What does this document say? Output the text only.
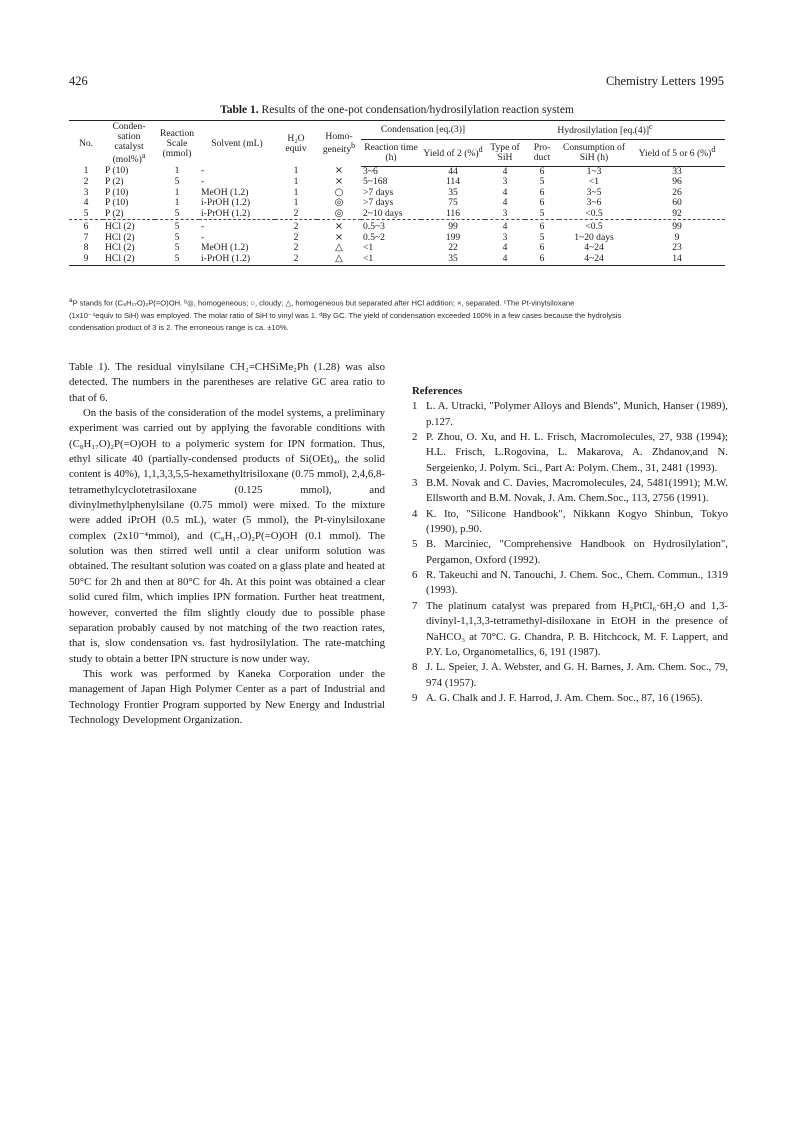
426	Chemistry Letters 1995
Table 1. Results of the one-pot condensation/hydrosilylation reaction system
No.	Conden-sation catalyst $(mol\%)^a$	Reaction Scale (mmol)	Solvent (mL)	H₂O equiv	Homo-geneity$^b$	Condensation [eq.(3)]		Hydrosilylation $[eq.(4)]^c$
						Reaction time (h)	Yield of 2 (%)$^d$	Type of SiH	Pro-duct	Consumption of SiH (h)	Yield of 5 or 6 (%)$^d$
1	P (10)	1	-	1	×	3~6	44	4	6	1~3	33
2	P (2)	5	-	1	×	5~168	114	3	5	<1	96
3	P (10)	1	MeOH (1.2)	1	○	>7 days	35	4	6	3~5	26
4	P (10)	1	i-PrOH (1.2)	1	◎	>7 days	75	4	6	3~6	60
5	P (2)	5	i-PrOH (1.2)	2	◎	2~10 days	116	3	5	<0.5	92

6	HCl (2)	5	-	2	×	0.5~3	99	4	6	<0.5	99
7	HCl (2)	5	-	2	×	0.5~2	199	3	5	1~20 days	9
8	HCl (2)	5	MeOH (1.2)	2	△	<1	22	4	6	4~24	23
9	HCl (2)	5	i-PrOH (1.2)	2	△	<1	35	4	6	4~24	14

$^a$P stands for (C₈H₁₇O)₂P(=O)OH. ᵇ◎, homogeneous; ○, cloudy; △, homogeneous but separated after HCl addition; ×, separated. ᶜThe Pt-vinylsiloxane
(1x10⁻⁴equiv to SiH) was employed. The molar ratio of SiH to vinyl was 1. ᵈBy GC. The yield of condensation exceeded 100% in a few cases because the hydrolysis
condensation product of 3 is 2. The erroneous range is ca. ±10%.

Table 1). The residual vinylsilane CH₂=CHSiMe₂Ph (1.28) was also detected. The numbers in the parentheses are relative GC area ratio to that of 6.

On the basis of the consideration of the model systems, a preliminary experiment was carried out by applying the favorable conditions with (C₈H₁₇O)₂P(=O)OH to a polymeric system for IPN formation. Thus, ethyl silicate 40 (partially-condensed products of Si(OEt)₄, the solid content is 40%), 1,1,3,3,5,5-hexamethyltrisiloxane (0.75 mmol), 2,4,6,8-tetramethylcyclotetrasiloxane (0.125 mmol), and divinylmethylphenylsilane (0.75 mmol) were mixed. To the mixture were added iPrOH (0.5 mL), water (5 mmol), the Pt-vinylsiloxane complex (2x10⁻⁴mmol), and (C₈H₁₇O)₂P(=O)OH (0.1 mmol). The solution was then stirred well until a clear uniform solution was obtained. The resultant solution was coated on a glass plate and heated at 50°C for 2h and then at 80°C for 4h. At this point was obtained a clear solid cured film, which implies IPN formation. Further heat treatment, however, converted the film slightly cloudy due to possible phase separation probably caused by not matching of the two reaction rates, that is, slow condensation vs. fast hydrosilylation. The rate-matching study to obtain a better IPN structure is now under way.

This work was performed by Kaneka Corporation under the management of Japan High Polymer Center as a part of Industrial and Technology Frontier Program supported by New Energy and Industrial Technology Development Organization.

References

1 L. A. Utracki, "Polymer Alloys and Blends", Munich, Hanser (1989), p.127.
2 P. Zhou, O. Xu, and H. L. Frisch, Macromolecules, 27, 938 (1994); H.L. Frisch, L.Rogovina, L. Makarova, A. Zhdanov,and N. Sergeienko, J. Polym. Sci., Part A: Polym. Chem., 31, 2481 (1993).
3 B.M. Novak and C. Davies, Macromolecules, 24, 5481(1991); M.W. Ellsworth and B.M. Novak, J. Am. Chem.Soc., 113, 2756 (1991).
4 K. Ito, "Silicone Handbook", Nikkann Kogyo Shinbun, Tokyo (1990), p.90.
5 B. Marciniec, "Comprehensive Handbook on Hydrosilylation", Pergamon, Oxford (1992).
6 R. Takeuchi and N. Tanouchi, J. Chem. Soc., Chem. Commun., 1319 (1993).
7 The platinum catalyst was prepared from H₂PtCl₆·6H₂O and 1,3-divinyl-1,1,3,3-tetramethyl-disiloxane in EtOH in the presence of NaHCO₃ at 70°C. G. Chandra, P. B. Hitchcock, M. F. Lappert, and P.Y. Lo, Organometallics, 6, 191 (1987).
8 J. L. Speier, J. A. Webster, and G. H. Barnes, J. Am. Chem. Soc., 79, 974 (1957).
9 A. G. Chalk and J. F. Harrod, J. Am. Chem. Soc., 87, 16 (1965).
